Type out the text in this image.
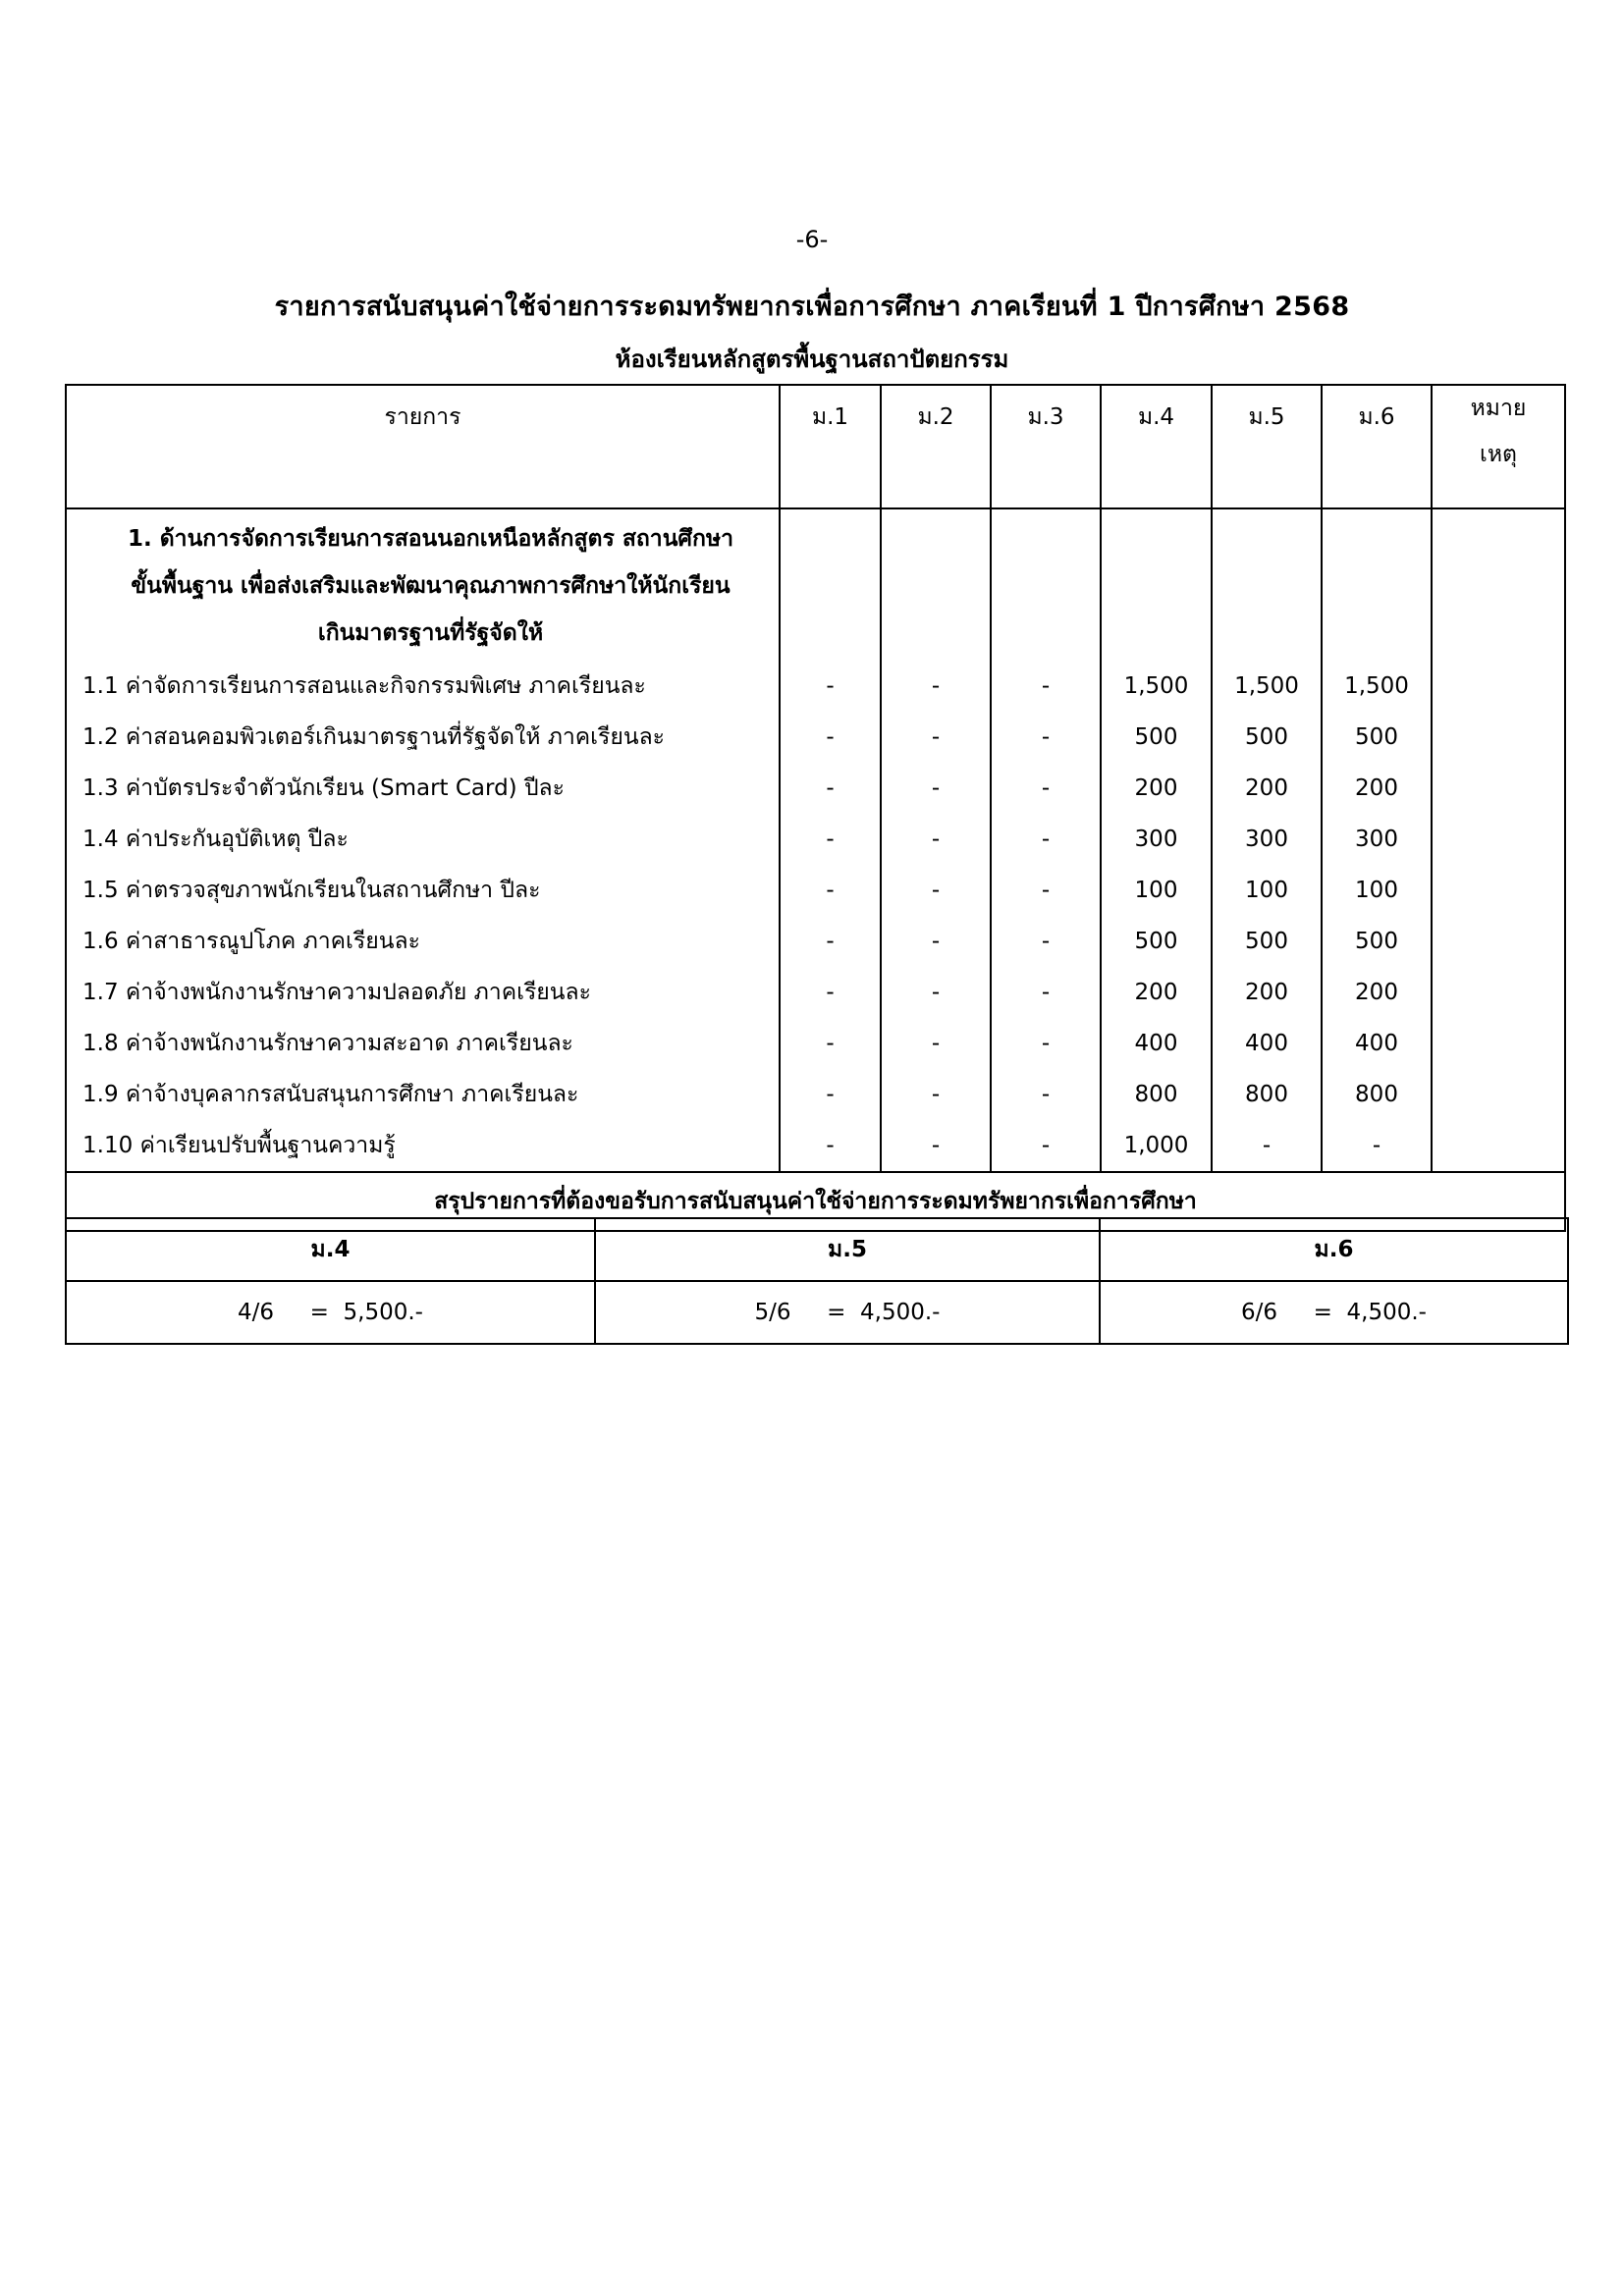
-6-
รายการสนับสนุนค่าใช้จ่ายการระดมทรัพยากรเพื่อการศึกษา ภาคเรียนที่ 1 ปีการศึกษา 2568
ห้องเรียนหลักสูตรพื้นฐานสถาปัตยกรรม
รายการ	ม.1	ม.2	ม.3	ม.4	ม.5	ม.6	หมาย
เหตุ

1. ด้านการจัดการเรียนการสอนนอกเหนือหลักสูตร สถานศึกษา
ขั้นพื้นฐาน เพื่อส่งเสริมและพัฒนาคุณภาพการศึกษาให้นักเรียน
เกินมาตรฐานที่รัฐจัดให้							

1.1 ค่าจัดการเรียนการสอนและกิจกรรมพิเศษ ภาคเรียนละ	-	-	-	1,500	1,500	1,500	
1.2 ค่าสอนคอมพิวเตอร์เกินมาตรฐานที่รัฐจัดให้ ภาคเรียนละ	-	-	-	500	500	500	
1.3 ค่าบัตรประจำตัวนักเรียน (Smart Card) ปีละ	-	-	-	200	200	200	
1.4 ค่าประกันอุบัติเหตุ ปีละ	-	-	-	300	300	300	
1.5 ค่าตรวจสุขภาพนักเรียนในสถานศึกษา ปีละ	-	-	-	100	100	100	
1.6 ค่าสาธารณูปโภค ภาคเรียนละ	-	-	-	500	500	500	
1.7 ค่าจ้างพนักงานรักษาความปลอดภัย ภาคเรียนละ	-	-	-	200	200	200	
1.8 ค่าจ้างพนักงานรักษาความสะอาด ภาคเรียนละ	-	-	-	400	400	400	
1.9 ค่าจ้างบุคลากรสนับสนุนการศึกษา ภาคเรียนละ	-	-	-	800	800	800	
1.10 ค่าเรียนปรับพื้นฐานความรู้	-	-	-	1,000	-	-	
สรุปรายการที่ต้องขอรับการสนับสนุนค่าใช้จ่ายการระดมทรัพยากรเพื่อการศึกษา							
ม.4	ม.5	ม.6
4/6     =  5,500.-	5/6     =  4,500.-	6/6     =  4,500.-
